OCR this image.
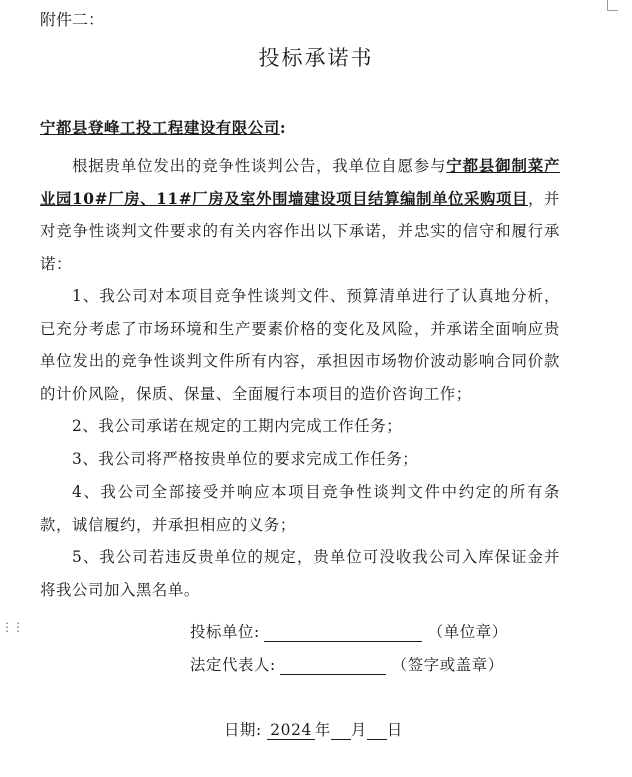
⋮⋮
附件二：
投标承诺书
宁都县登峰工投工程建设有限公司:
根据贵单位发出的竞争性谈判公告，我单位自愿参与宁都县御制菜产业园10#厂房、11#厂房及室外围墙建设项目结算编制单位采购项目，并对竞争性谈判文件要求的有关内容作出以下承诺，并忠实的信守和履行承诺：
1、我公司对本项目竞争性谈判文件、预算清单进行了认真地分析，已充分考虑了市场环境和生产要素价格的变化及风险，并承诺全面响应贵单位发出的竞争性谈判文件所有内容，承担因市场物价波动影响合同价款的计价风险，保质、保量、全面履行本项目的造价咨询工作；
2、我公司承诺在规定的工期内完成工作任务；
3、我公司将严格按贵单位的要求完成工作任务；
4、我公司全部接受并响应本项目竞争性谈判文件中约定的所有条款，诚信履约，并承担相应的义务；
5、我公司若违反贵单位的规定，贵单位可没收我公司入库保证金并将我公司加入黑名单。
投标单位:	（单位章）
法定代表人:	（签字或盖章）
日期: 2024 年 月 日
